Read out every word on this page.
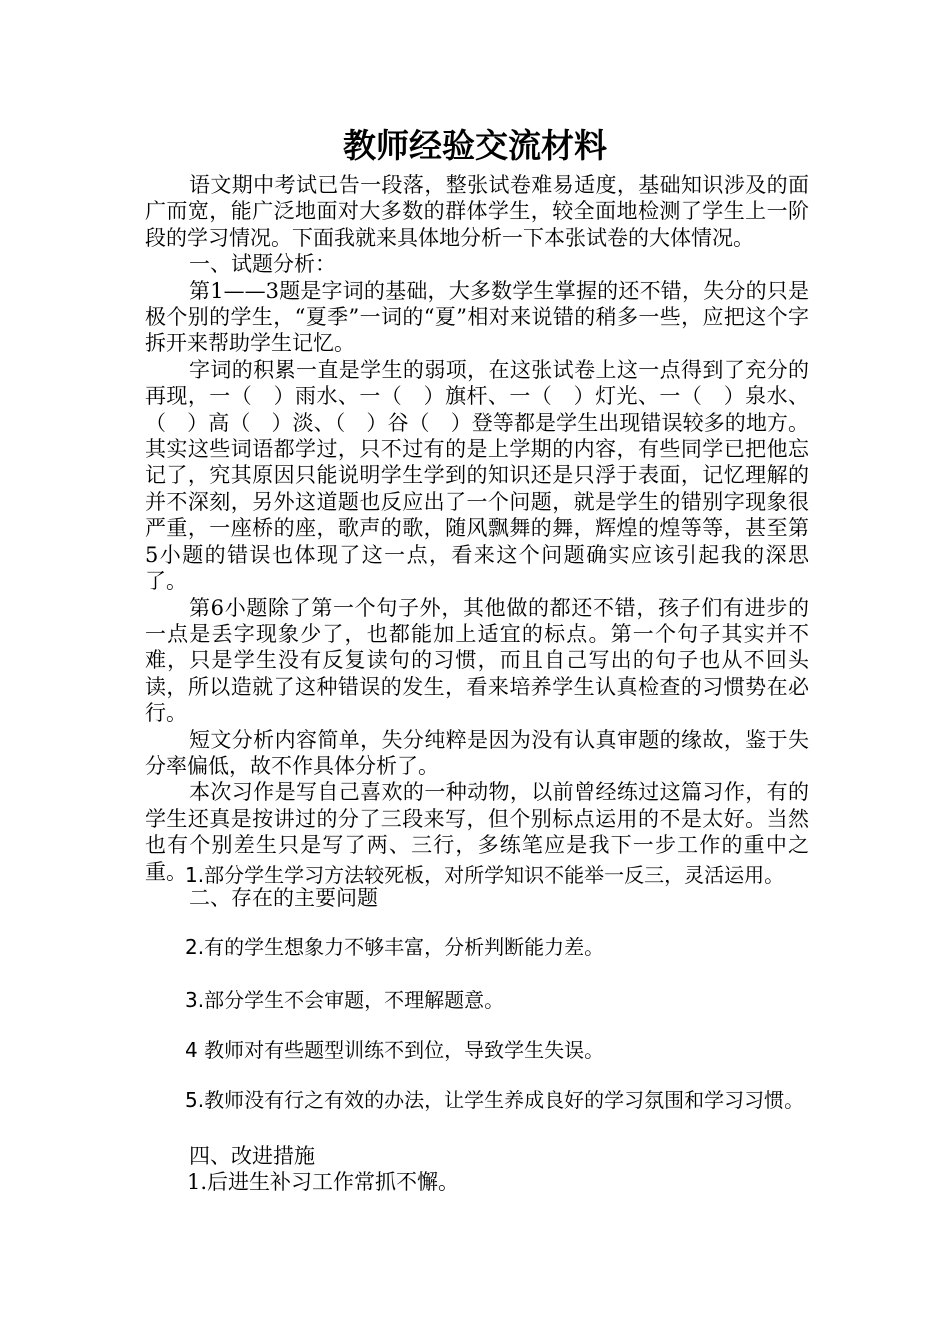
教师经验交流材料

语文期中考试已告一段落，整张试卷难易适度，基础知识涉及的面广而宽，能广泛地面对大多数的群体学生，较全面地检测了学生上一阶段的学习情况。下面我就来具体地分析一下本张试卷的大体情况。

一、试题分析：

第1——3题是字词的基础，大多数学生掌握的还不错，失分的只是极个别的学生，“夏季”一词的“夏”相对来说错的稍多一些，应把这个字拆开来帮助学生记忆。

字词的积累一直是学生的弱项，在这张试卷上这一点得到了充分的再现，一（　）雨水、一（　）旗杆、一（　）灯光、一（　）泉水、（　）高（　）淡、（　）谷（　）登等都是学生出现错误较多的地方。其实这些词语都学过，只不过有的是上学期的内容，有些同学已把他忘记了，究其原因只能说明学生学到的知识还是只浮于表面，记忆理解的并不深刻，另外这道题也反应出了一个问题，就是学生的错别字现象很严重，一座桥的座，歌声的歌，随风飘舞的舞，辉煌的煌等等，甚至第5小题的错误也体现了这一点，看来这个问题确实应该引起我的深思了。

第6小题除了第一个句子外，其他做的都还不错，孩子们有进步的一点是丢字现象少了，也都能加上适宜的标点。第一个句子其实并不难，只是学生没有反复读句的习惯，而且自己写出的句子也从不回头读，所以造就了这种错误的发生，看来培养学生认真检查的习惯势在必行。

短文分析内容简单，失分纯粹是因为没有认真审题的缘故，鉴于失分率偏低，故不作具体分析了。

本次习作是写自己喜欢的一种动物，以前曾经练过这篇习作，有的学生还真是按讲过的分了三段来写，但个别标点运用的不是太好。当然也有个别差生只是写了两、三行，多练笔应是我下一步工作的重中之重。

二、存在的主要问题

1.部分学生学习方法较死板，对所学知识不能举一反三，灵活运用。

2.有的学生想象力不够丰富，分析判断能力差。

3.部分学生不会审题，不理解题意。

4 教师对有些题型训练不到位，导致学生失误。

5.教师没有行之有效的办法，让学生养成良好的学习氛围和学习习惯。

四、改进措施

1.后进生补习工作常抓不懈。
